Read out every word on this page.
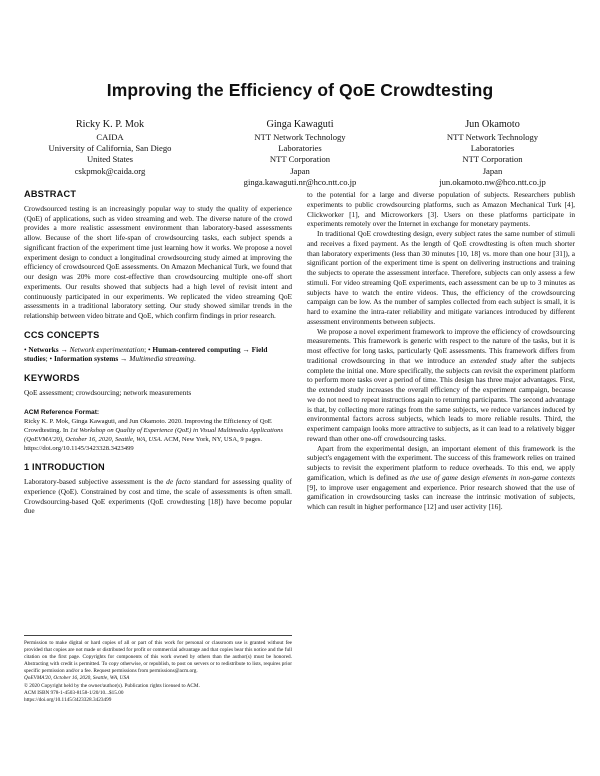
Improving the Efficiency of QoE Crowdtesting
Ricky K. P. Mok
CAIDA
University of California, San Diego
United States
cskpmok@caida.org
Ginga Kawaguti
NTT Network Technology
Laboratories
NTT Corporation
Japan
ginga.kawaguti.nr@hco.ntt.co.jp
Jun Okamoto
NTT Network Technology
Laboratories
NTT Corporation
Japan
jun.okamoto.nw@hco.ntt.co.jp
ABSTRACT

Crowdsourced testing is an increasingly popular way to study the quality of experience (QoE) of applications, such as video streaming and web. The diverse nature of the crowd provides a more realistic assessment environment than laboratory-based assessments allow. Because of the short life-span of crowdsourcing tasks, each subject spends a significant fraction of the experiment time just learning how it works. We propose a novel experiment design to conduct a longitudinal crowdsourcing study aimed at improving the efficiency of crowdsourced QoE assessments. On Amazon Mechanical Turk, we found that our design was 20% more cost-effective than crowdsourcing multiple one-off short experiments. Our results showed that subjects had a high level of revisit intent and continuously participated in our experiments. We replicated the video streaming QoE assessments in a traditional laboratory setting. Our study showed similar trends in the relationship between video bitrate and QoE, which confirm findings in prior research.

CCS CONCEPTS

• Networks → Network experimentation; • Human-centered computing → Field studies; • Information systems → Multimedia streaming.

KEYWORDS

QoE assessment; crowdsourcing; network measurements

ACM Reference Format:

Ricky K. P. Mok, Ginga Kawaguti, and Jun Okamoto. 2020. Improving the Efficiency of QoE Crowdtesting. In 1st Workshop on Quality of Experience (QoE) in Visual Multimedia Applications (QoEVMA'20), October 16, 2020, Seattle, WA, USA. ACM, New York, NY, USA, 9 pages. https://doi.org/10.1145/3423328.3423499

1 INTRODUCTION

Laboratory-based subjective assessment is the de facto standard for assessing quality of experience (QoE). Constrained by cost and time, the scale of assessments is often small. Crowdsourcing-based QoE experiments (QoE crowdtesting [18]) have become popular due

Permission to make digital or hard copies of all or part of this work for personal or classroom use is granted without fee provided that copies are not made or distributed for profit or commercial advantage and that copies bear this notice and the full citation on the first page. Copyrights for components of this work owned by others than the author(s) must be honored. Abstracting with credit is permitted. To copy otherwise, or republish, to post on servers or to redistribute to lists, requires prior specific permission and/or a fee. Request permissions from permissions@acm.org.
QoEVMA'20, October 16, 2020, Seattle, WA, USA
© 2020 Copyright held by the owner/author(s). Publication rights licensed to ACM.
ACM ISBN 978-1-4503-8158-1/20/10...$15.00
https://doi.org/10.1145/3423328.3423499

to the potential for a large and diverse population of subjects. Researchers publish experiments to public crowdsourcing platforms, such as Amazon Mechanical Turk [4], Clickworker [1], and Microworkers [3]. Users on these platforms participate in experiments remotely over the Internet in exchange for monetary payments.

In traditional QoE crowdtesting design, every subject rates the same number of stimuli and receives a fixed payment. As the length of QoE crowdtesting is often much shorter than laboratory experiments (less than 30 minutes [10, 18] vs. more than one hour [31]), a significant portion of the experiment time is spent on delivering instructions and training the subjects to operate the assessment interface. Therefore, subjects can only assess a few stimuli. For video streaming QoE experiments, each assessment can be up to 3 minutes as subjects have to watch the entire videos. Thus, the efficiency of the crowdsourcing campaign can be low. As the number of samples collected from each subject is small, it is hard to examine the intra-rater reliability and mitigate variances introduced by different assessment environments between subjects.

We propose a novel experiment framework to improve the efficiency of crowdsourcing measurements. This framework is generic with respect to the nature of the tasks, but it is most effective for long tasks, particularly QoE assessments. This framework differs from traditional crowdsourcing in that we introduce an extended study after the subjects complete the initial one. More specifically, the subjects can revisit the experiment platform to perform more tasks over a period of time. This design has three major advantages. First, the extended study increases the overall efficiency of the experiment campaign, because we do not need to repeat instructions again to returning participants. The second advantage is that, by collecting more ratings from the same subjects, we reduce variances induced by environmental factors across subjects, which leads to more reliable results. Third, the experiment campaign looks more attractive to subjects, as it can lead to a relatively bigger reward than other one-off crowdsourcing tasks.

Apart from the experimental design, an important element of this framework is the subject's engagement with the experiment. The success of this framework relies on trained subjects to revisit the experiment platform to reduce overheads. To this end, we apply gamification, which is defined as the use of game design elements in non-game contexts [9], to improve user engagement and experience. Prior research showed that the use of gamification in crowdsourcing tasks can increase the intrinsic motivation of subjects, which can result in higher performance [12] and user activity [16].
